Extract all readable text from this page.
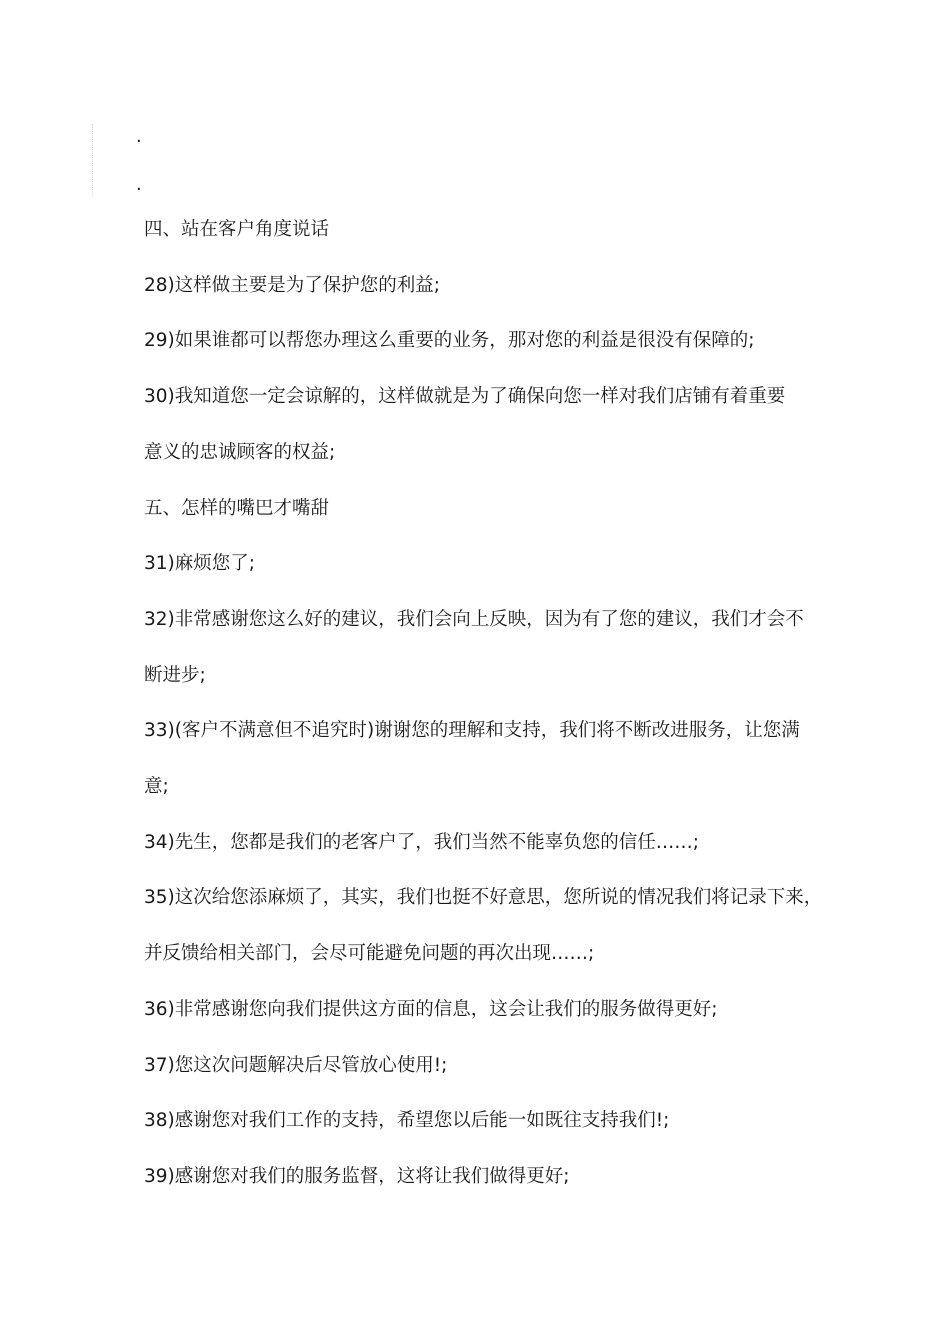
.
.

四、站在客户角度说话

28)这样做主要是为了保护您的利益;

29)如果谁都可以帮您办理这么重要的业务，那对您的利益是很没有保障的;

30)我知道您一定会谅解的，这样做就是为了确保向您一样对我们店铺有着重要

意义的忠诚顾客的权益;

五、怎样的嘴巴才嘴甜

31)麻烦您了;

32)非常感谢您这么好的建议，我们会向上反映，因为有了您的建议，我们才会不

断进步;

33)(客户不满意但不追究时)谢谢您的理解和支持，我们将不断改进服务，让您满

意;

34)先生，您都是我们的老客户了，我们当然不能辜负您的信任……;

35)这次给您添麻烦了，其实，我们也挺不好意思，您所说的情况我们将记录下来，

并反馈给相关部门，会尽可能避免问题的再次出现……;

36)非常感谢您向我们提供这方面的信息，这会让我们的服务做得更好;

37)您这次问题解决后尽管放心使用!;

38)感谢您对我们工作的支持，希望您以后能一如既往支持我们!;

39)感谢您对我们的服务监督，这将让我们做得更好;
